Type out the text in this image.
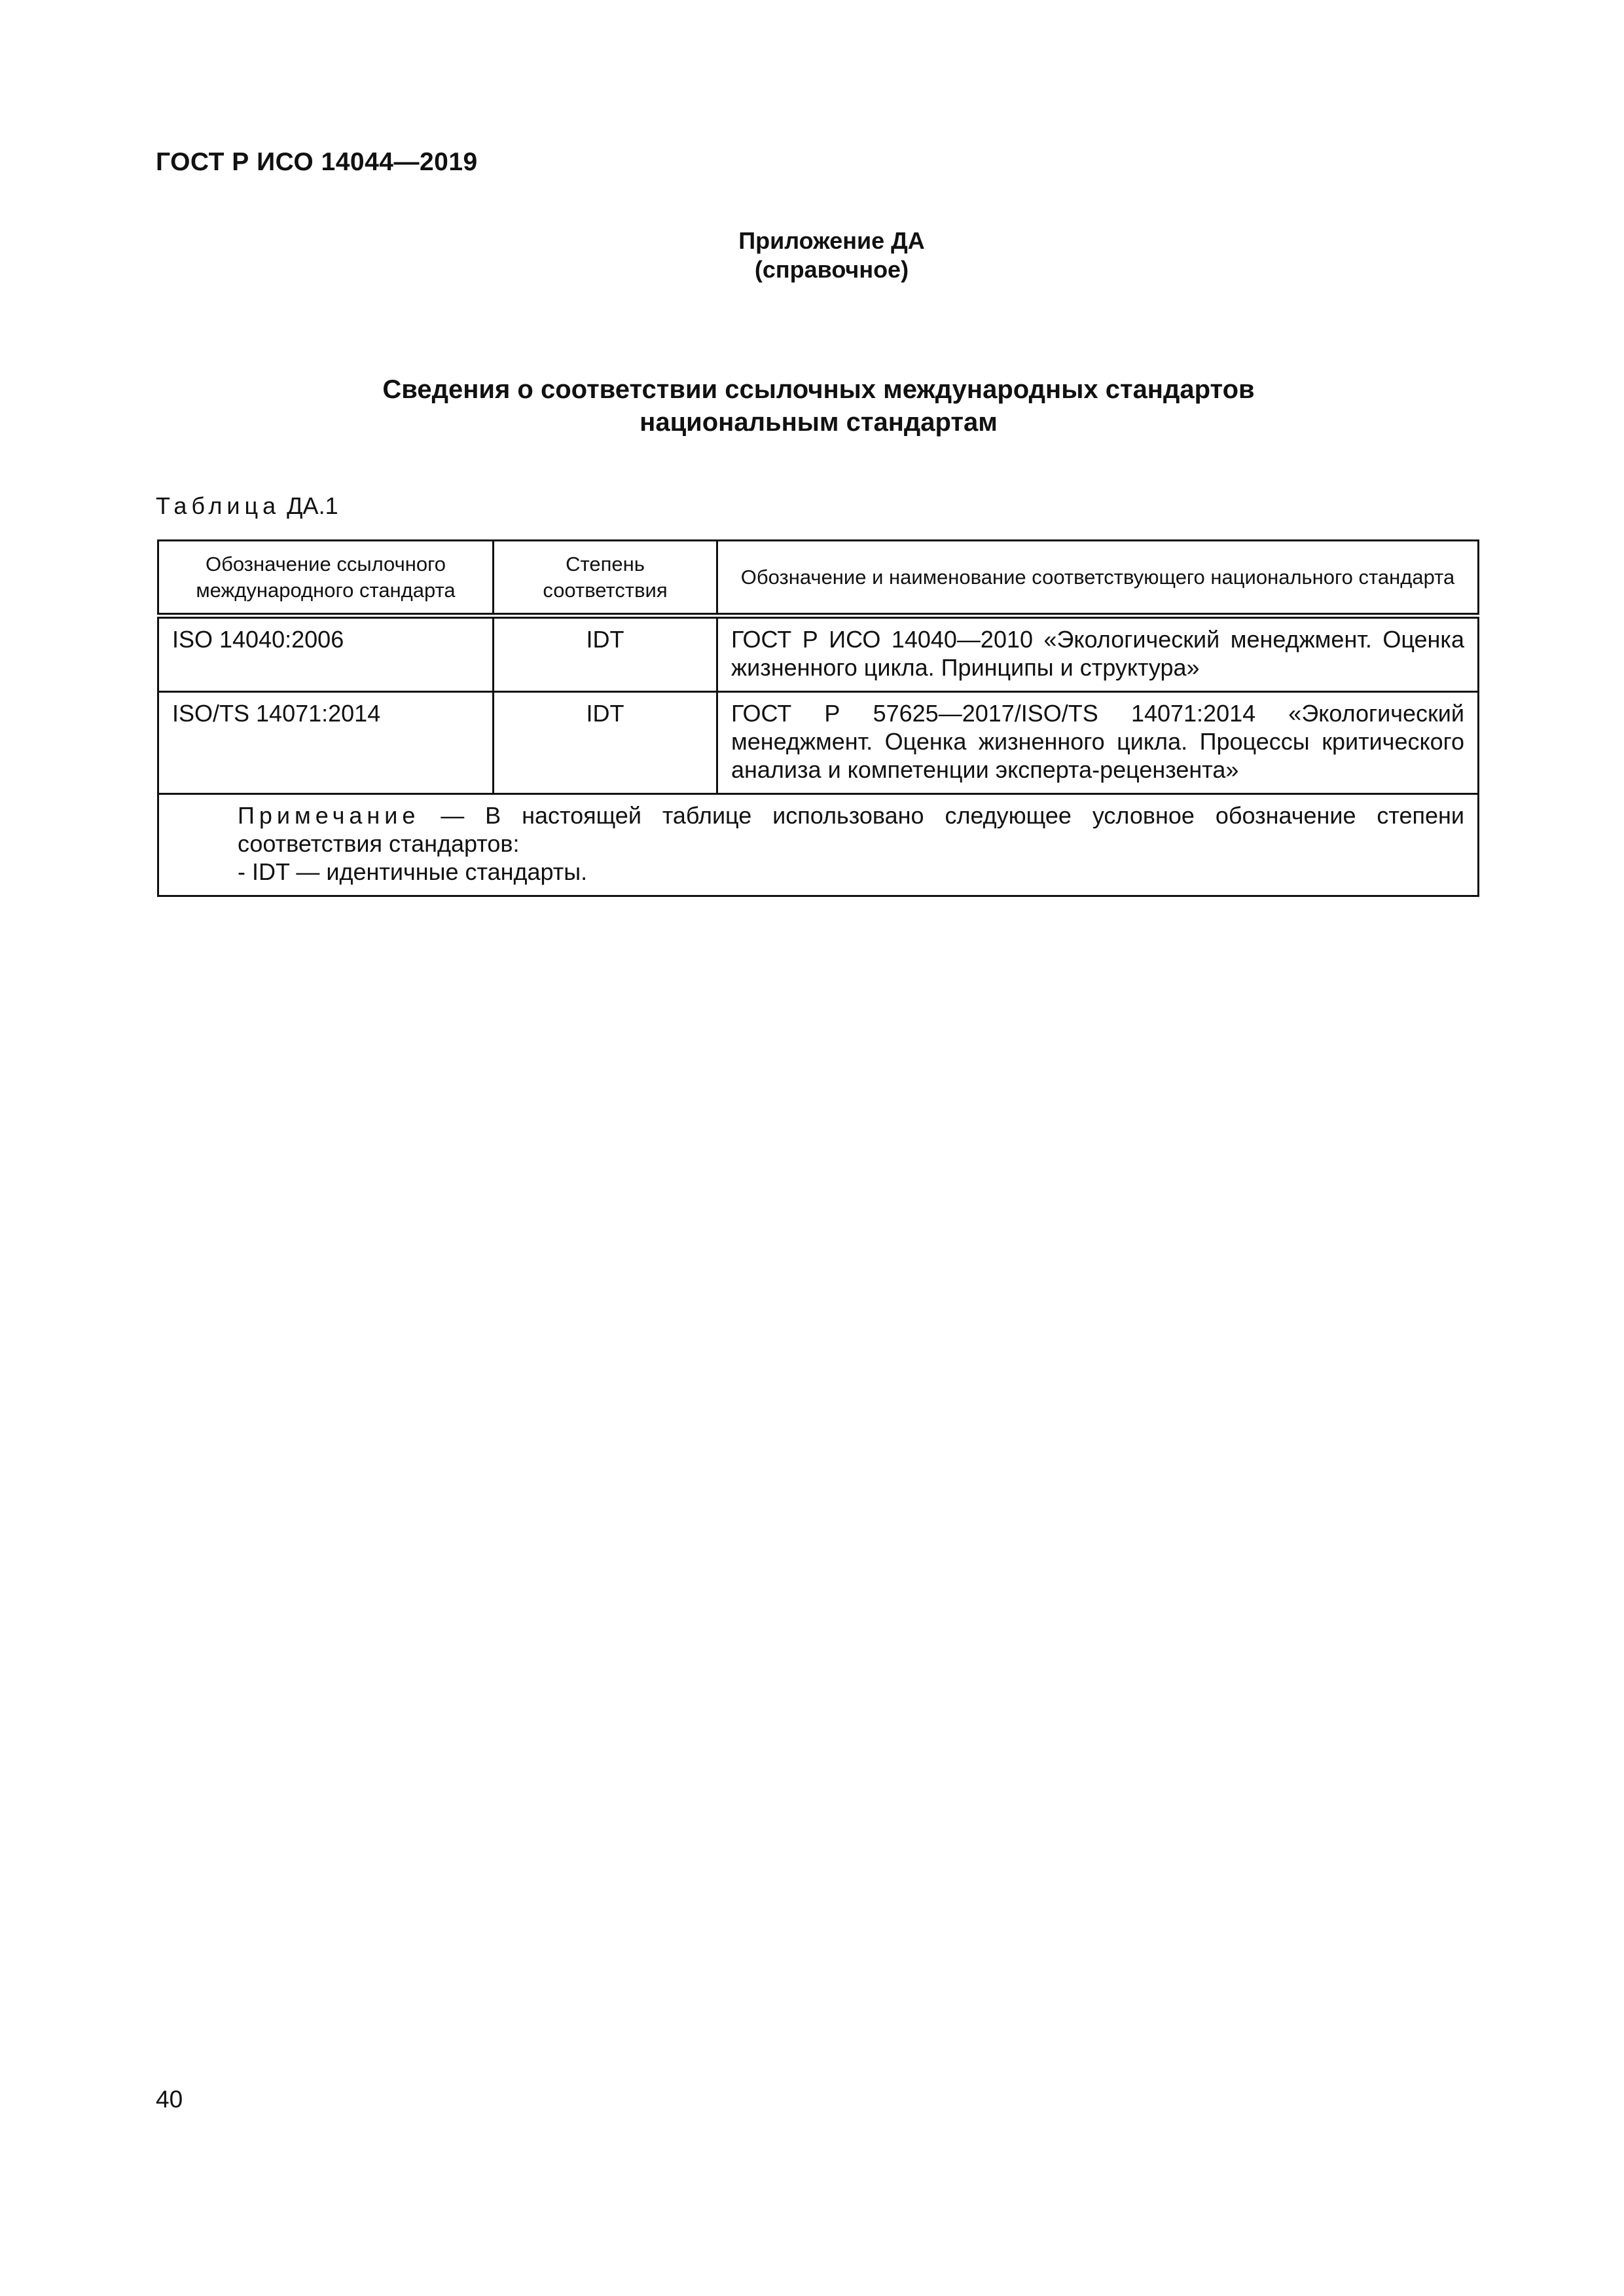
ГОСТ Р ИСО 14044—2019
Приложение ДА
(справочное)
Сведения о соответствии ссылочных международных стандартов
национальным стандартам
Таблица ДА.1
Обозначение ссылочного международного стандарта	Степень соответствия	Обозначение и наименование соответствующего национального стандарта
ISO 14040:2006	IDT	ГОСТ Р ИСО 14040—2010 «Экологический менеджмент. Оценка жизненного цикла. Принципы и структура»
ISO/TS 14071:2014	IDT	ГОСТ Р 57625—2017/ISO/TS 14071:2014 «Экологический менеджмент. Оценка жизненного цикла. Процессы критического анализа и компетенции эксперта-рецензента»

Примечание — В настоящей таблице использовано следующее условное обозначение степени соответствия стандартов:
- IDT — идентичные стандарты.		
40
